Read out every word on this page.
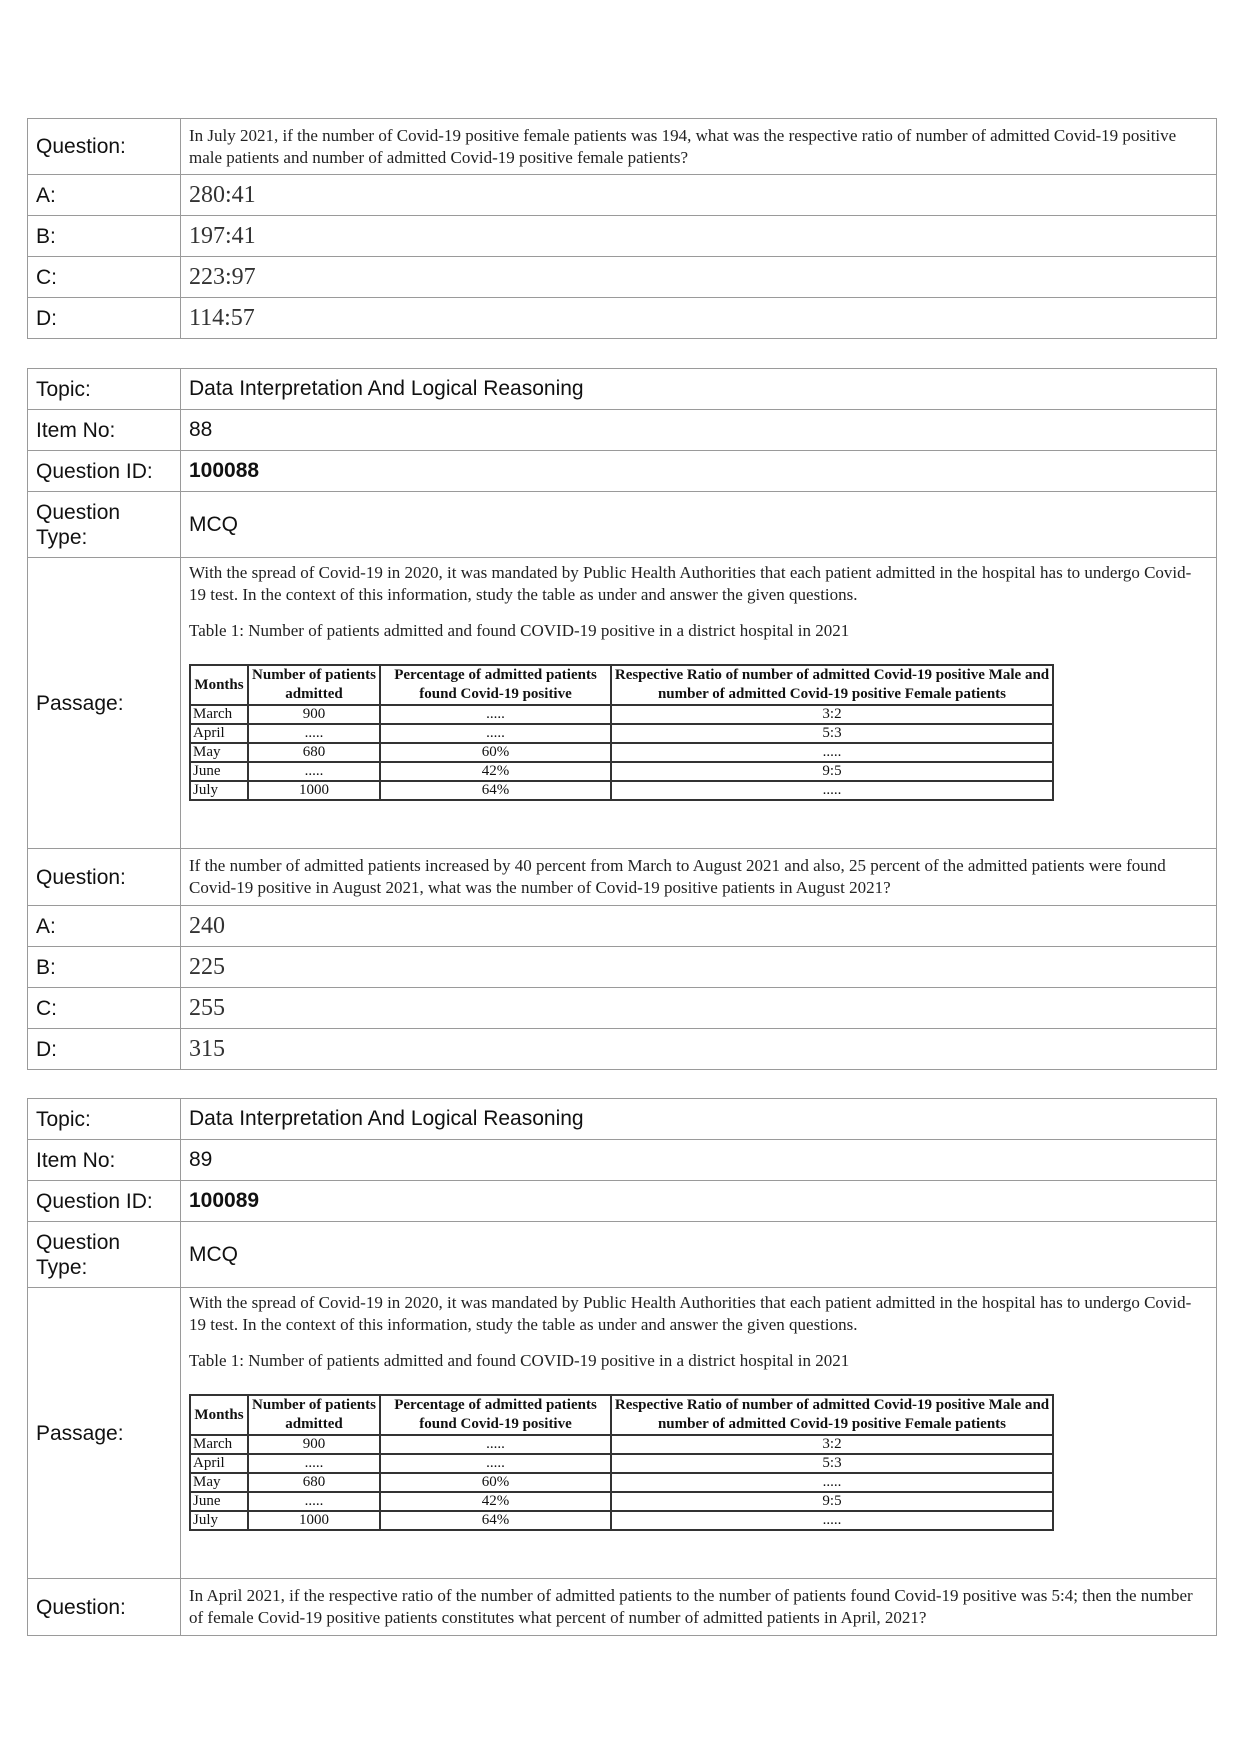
Question:	In July 2021, if the number of Covid-19 positive female patients was 194, what was the respective ratio of number of admitted Covid-19 positive male patients and number of admitted Covid-19 positive female patients?
A:	280:41
B:	197:41
C:	223:97
D:	114:57
Topic:	Data Interpretation And Logical Reasoning
Item No:	88
Question ID:	100088
Question Type:	MCQ
Passage:	

With the spread of Covid-19 in 2020, it was mandated by Public Health Authorities that each patient admitted in the hospital has to undergo Covid-19 test. In the context of this information, study the table as under and answer the given questions.

Table 1: Number of patients admitted and found COVID-19 positive in a district hospital in 2021

Months	Number of patients admitted	Percentage of admitted patients found Covid-19 positive	Respective Ratio of number of admitted Covid-19 positive Male and number of admitted Covid-19 positive Female patients
March	900	.....	3:2
April	.....	.....	5:3
May	680	60%	.....
June	.....	42%	9:5
July	1000	64%	.....

Question:	If the number of admitted patients increased by 40 percent from March to August 2021 and also, 25 percent of the admitted patients were found Covid-19 positive in August 2021, what was the number of Covid-19 positive patients in August 2021?
A:	240
B:	225
C:	255
D:	315
Topic:	Data Interpretation And Logical Reasoning
Item No:	89
Question ID:	100089
Question Type:	MCQ
Passage:	

With the spread of Covid-19 in 2020, it was mandated by Public Health Authorities that each patient admitted in the hospital has to undergo Covid-19 test. In the context of this information, study the table as under and answer the given questions.

Table 1: Number of patients admitted and found COVID-19 positive in a district hospital in 2021

Months	Number of patients admitted	Percentage of admitted patients found Covid-19 positive	Respective Ratio of number of admitted Covid-19 positive Male and number of admitted Covid-19 positive Female patients
March	900	.....	3:2
April	.....	.....	5:3
May	680	60%	.....
June	.....	42%	9:5
July	1000	64%	.....

Question:	In April 2021, if the respective ratio of the number of admitted patients to the number of patients found Covid-19 positive was 5:4; then the number of female Covid-19 positive patients constitutes what percent of number of admitted patients in April, 2021?
